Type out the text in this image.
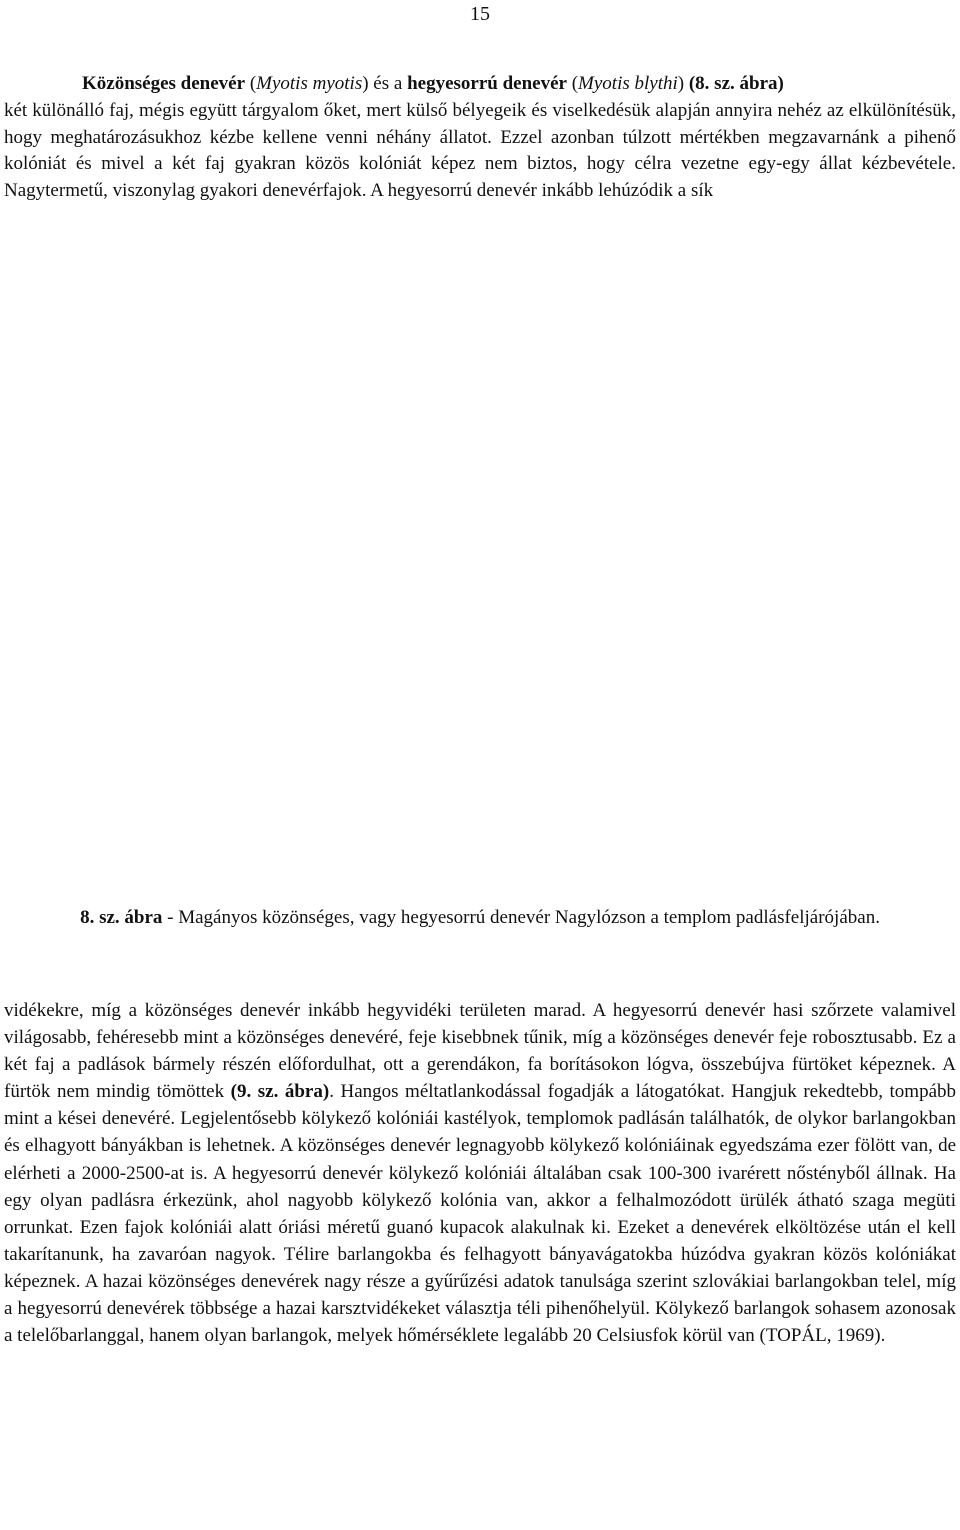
15

Közönséges denevér (Myotis myotis) és a hegyesorrú denevér (Myotis blythi) (8. sz. ábra)
két különálló faj, mégis együtt tárgyalom őket, mert külső bélyegeik és viselkedésük alapján annyira nehéz az elkülönítésük, hogy meghatározásukhoz kézbe kellene venni néhány állatot. Ezzel azonban túlzott mértékben megzavarnánk a pihenő kolóniát és mivel a két faj gyakran közös kolóniát képez nem biztos, hogy célra vezetne egy-egy állat kézbevétele. Nagytermetű, viszonylag gyakori denevérfajok. A hegyesorrú denevér inkább lehúzódik a sík

8. sz. ábra - Magányos közönséges, vagy hegyesorrú denevér Nagylózson a templom padlásfeljárójában.

vidékekre, míg a közönséges denevér inkább hegyvidéki területen marad. A hegyesorrú denevér hasi szőrzete valamivel világosabb, fehéresebb mint a közönséges denevéré, feje kisebbnek tűnik, míg a közönséges denevér feje robosztusabb. Ez a két faj a padlások bármely részén előfordulhat, ott a gerendákon, fa borításokon lógva, összebújva fürtöket képeznek. A fürtök nem mindig tömöttek (9. sz. ábra). Hangos méltatlankodással fogadják a látogatókat. Hangjuk rekedtebb, tompább mint a kései denevéré. Legjelentősebb kölykező kolóniái kastélyok, templomok padlásán találhatók, de olykor barlangokban és elhagyott bányákban is lehetnek. A közönséges denevér legnagyobb kölykező kolóniáinak egyedszáma ezer fölött van, de elérheti a 2000-2500-at is. A hegyesorrú denevér kölykező kolóniái általában csak 100-300 ivarérett nőstényből állnak. Ha egy olyan padlásra érkezünk, ahol nagyobb kölykező kolónia van, akkor a felhalmozódott ürülék átható szaga megüti orrunkat. Ezen fajok kolóniái alatt óriási méretű guanó kupacok alakulnak ki. Ezeket a denevérek elköltözése után el kell takarítanunk, ha zavaróan nagyok. Télire barlangokba és felhagyott bányavágatokba húzódva gyakran közös kolóniákat képeznek. A hazai közönséges denevérek nagy része a gyűrűzési adatok tanulsága szerint szlovákiai barlangokban telel, míg a hegyesorrú denevérek többsége a hazai karsztvidékeket választja téli pihenőhelyül. Kölykező barlangok sohasem azonosak a telelőbarlanggal, hanem olyan barlangok, melyek hőmérséklete legalább 20 Celsiusfok körül van (TOPÁL, 1969).
